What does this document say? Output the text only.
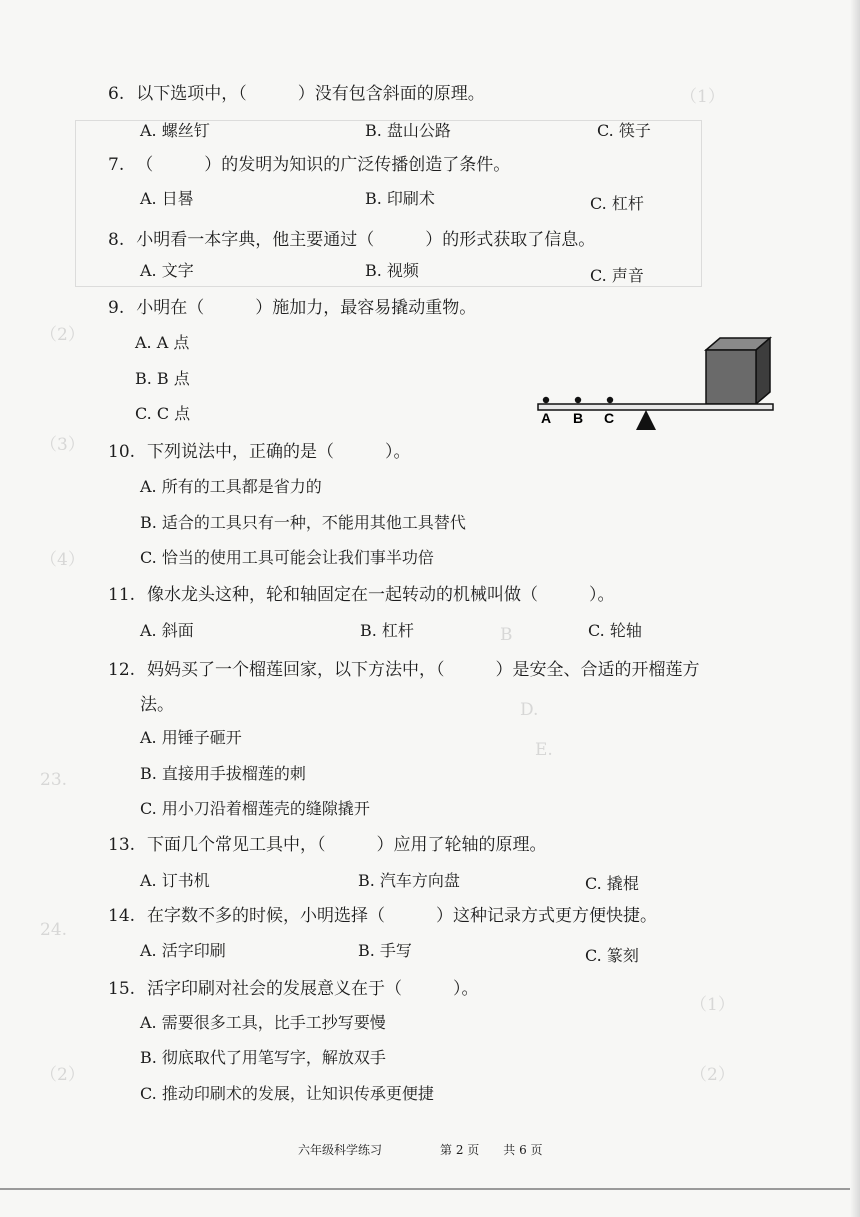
（1）
（2）
（3）
（4）
B
D.
E.
23.
24.
（1）
（2）
（2）
6. 以下选项中，（　　　）没有包含斜面的原理。
A. 螺丝钉	B. 盘山公路	C. 筷子
7. （　　　）的发明为知识的广泛传播创造了条件。
A. 日晷	B. 印刷术	C. 杠杆
8. 小明看一本字典，他主要通过（　　　）的形式获取了信息。
A. 文字	B. 视频	C. 声音
9. 小明在（　　　）施加力，最容易撬动重物。
A. A 点
B. B 点
C. C 点	A B C
10. 下列说法中，正确的是（　　　）。
A. 所有的工具都是省力的
B. 适合的工具只有一种，不能用其他工具替代
C. 恰当的使用工具可能会让我们事半功倍
11. 像水龙头这种，轮和轴固定在一起转动的机械叫做（　　　）。
A. 斜面	B. 杠杆	C. 轮轴
12. 妈妈买了一个榴莲回家，以下方法中，（　　　）是安全、合适的开榴莲方
法。
A. 用锤子砸开
B. 直接用手拔榴莲的刺
C. 用小刀沿着榴莲壳的缝隙撬开
13. 下面几个常见工具中，（　　　）应用了轮轴的原理。
A. 订书机	B. 汽车方向盘	C. 撬棍
14. 在字数不多的时候，小明选择（　　　）这种记录方式更方便快捷。
A. 活字印刷	B. 手写	C. 篆刻
15. 活字印刷对社会的发展意义在于（　　　）。
A. 需要很多工具，比手工抄写要慢
B. 彻底取代了用笔写字，解放双手
C. 推动印刷术的发展，让知识传承更便捷
六年级科学练习	第 2 页　　共 6 页
